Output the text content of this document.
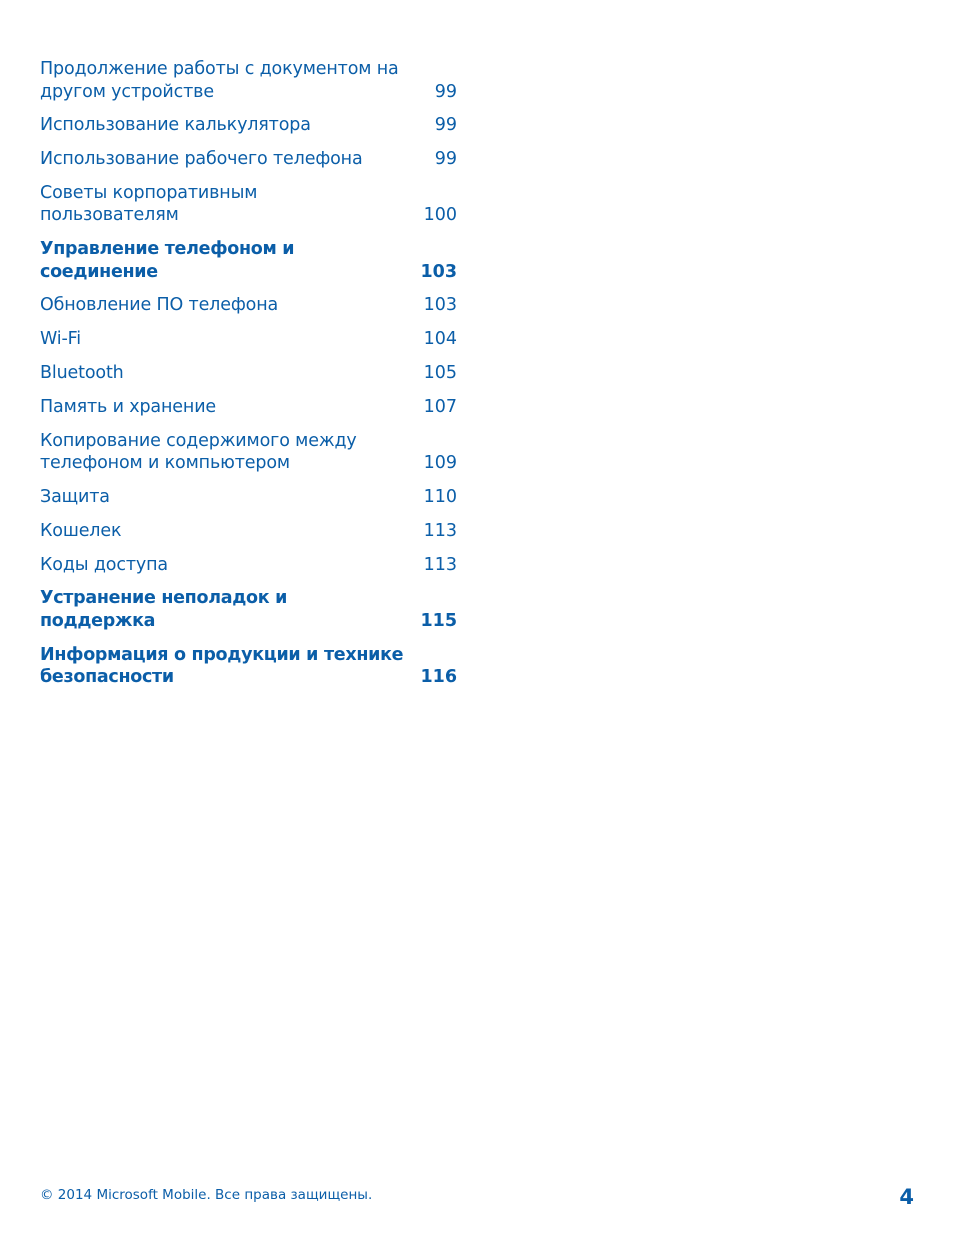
Продолжение работы с документом на
другом устройстве	99
Использование калькулятора	99
Использование рабочего телефона	99
Советы корпоративным
пользователям	100
Управление телефоном и соединение	103
Обновление ПО телефона	103
Wi-Fi	104
Bluetooth	105
Память и хранение	107
Копирование содержимого между
телефоном и компьютером	109
Защита	110
Кошелек	113
Коды доступа	113
Устранение неполадок и поддержка	115
Информация о продукции и технике
безопасности	116
© 2014 Microsoft Mobile. Все права защищены.	4
